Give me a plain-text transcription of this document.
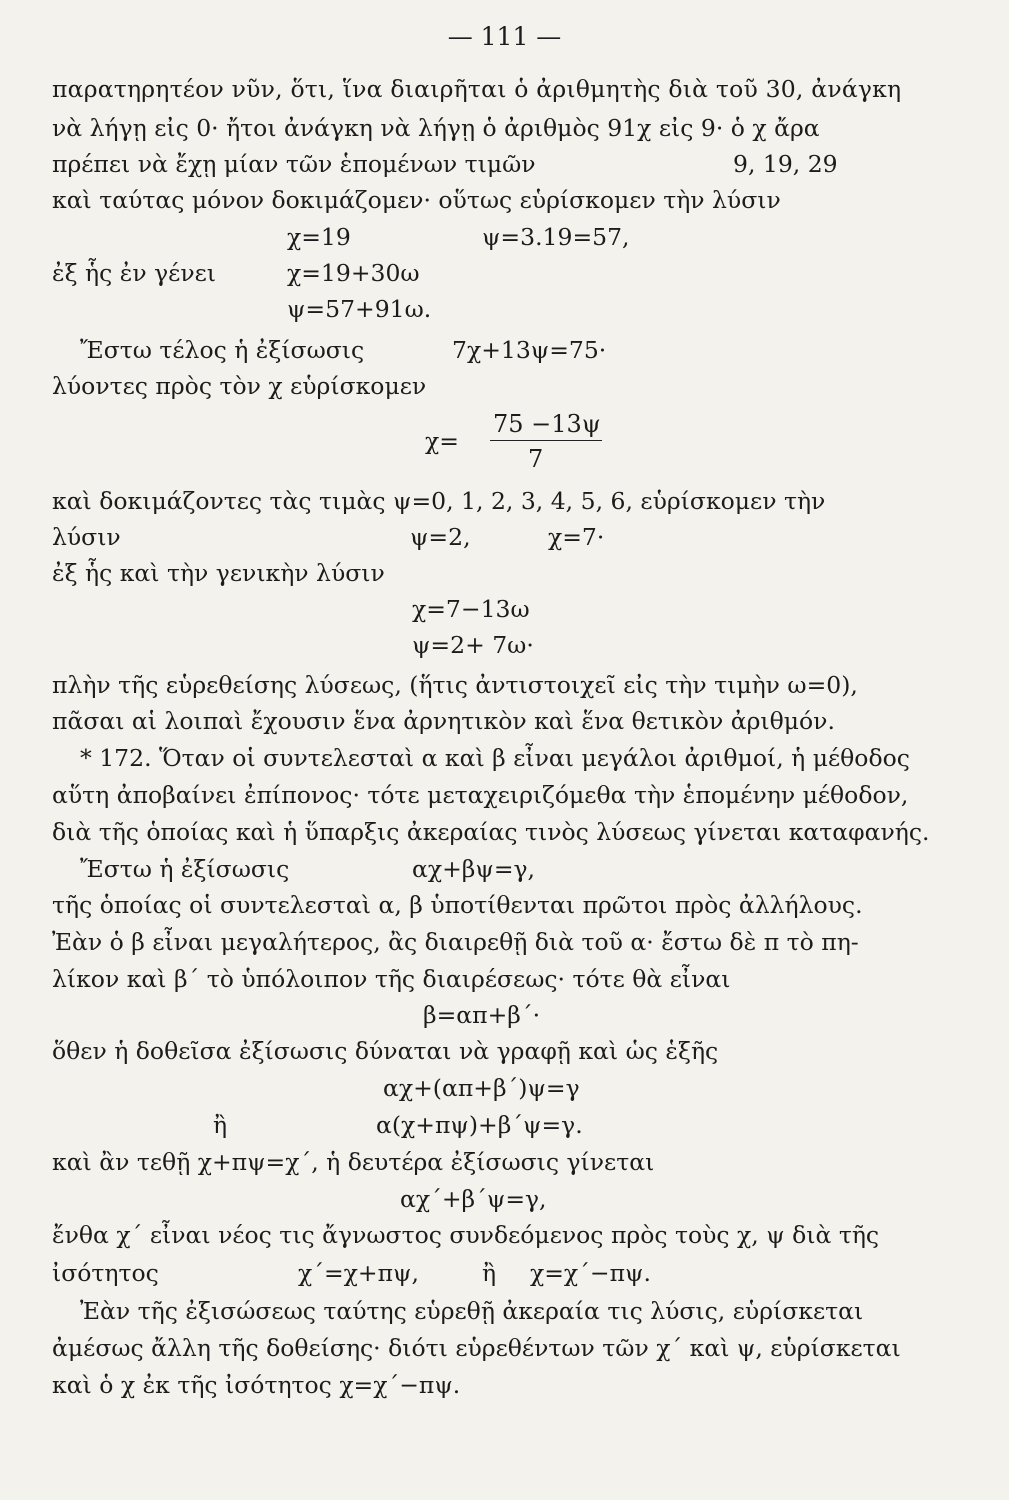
— 111 —
παρατηρητέον νῦν, ὅτι, ἵνα διαιρῆται ὁ ἀριθμητὴς διὰ τοῦ 30, ἀνάγκη
νὰ λήγῃ εἰς 0· ἤτοι ἀνάγκη νὰ λήγῃ ὁ ἀριθμὸς 91χ εἰς 9· ὁ χ ἄρα
πρέπει νὰ ἔχῃ μίαν τῶν ἑπομένων τιμῶν	9, 19, 29
καὶ ταύτας μόνον δοκιμάζομεν· οὕτως εὑρίσκομεν τὴν λύσιν
χ=19	ψ=3.19=57,
ἐξ ἧς ἐν γένει	χ=19+30ω
ψ=57+91ω.
Ἔστω τέλος ἡ ἐξίσωσις	7χ+13ψ=75·
λύοντες πρὸς τὸν χ εὑρίσκομεν
χ=
75 −13ψ
7
καὶ δοκιμάζοντες τὰς τιμὰς ψ=0, 1, 2, 3, 4, 5, 6, εὑρίσκομεν τὴν
λύσιν	ψ=2,	χ=7·
ἐξ ἧς καὶ τὴν γενικὴν λύσιν
χ=7−13ω
ψ=2+ 7ω·
πλὴν τῆς εὑρεθείσης λύσεως, (ἥτις ἀντιστοιχεῖ εἰς τὴν τιμὴν ω=0),
πᾶσαι αἱ λοιπαὶ ἔχουσιν ἕνα ἀρνητικὸν καὶ ἕνα θετικὸν ἀριθμόν.
* 172. Ὅταν οἱ συντελεσταὶ α καὶ β εἶναι μεγάλοι ἀριθμοί, ἡ μέθοδος
αὕτη ἀποβαίνει ἐπίπονος· τότε μεταχειριζόμεθα τὴν ἑπομένην μέθοδον,
διὰ τῆς ὁποίας καὶ ἡ ὕπαρξις ἀκεραίας τινὸς λύσεως γίνεται καταφανής.
Ἔστω ἡ ἐξίσωσις	αχ+βψ=γ,
τῆς ὁποίας οἱ συντελεσταὶ α, β ὑποτίθενται πρῶτοι πρὸς ἀλλήλους.
Ἐὰν ὁ β εἶναι μεγαλήτερος, ἂς διαιρεθῇ διὰ τοῦ α· ἔστω δὲ π τὸ πη-
λίκον καὶ β΄ τὸ ὑπόλοιπον τῆς διαιρέσεως· τότε θὰ εἶναι
β=απ+β΄·
ὅθεν ἡ δοθεῖσα ἐξίσωσις δύναται νὰ γραφῇ καὶ ὡς ἑξῆς
αχ+(απ+β΄)ψ=γ
ἢ	α(χ+πψ)+β΄ψ=γ.
καὶ ἂν τεθῇ χ+πψ=χ΄, ἡ δευτέρα ἐξίσωσις γίνεται
αχ΄+β΄ψ=γ,
ἔνθα χ΄ εἶναι νέος τις ἄγνωστος συνδεόμενος πρὸς τοὺς χ, ψ διὰ τῆς
ἰσότητος	χ΄=χ+πψ,	ἢ χ=χ΄−πψ.
Ἐὰν τῆς ἐξισώσεως ταύτης εὑρεθῇ ἀκεραία τις λύσις, εὑρίσκεται
ἀμέσως ἄλλη τῆς δοθείσης· διότι εὑρεθέντων τῶν χ΄ καὶ ψ, εὑρίσκεται
καὶ ὁ χ ἐκ τῆς ἰσότητος χ=χ΄−πψ.
